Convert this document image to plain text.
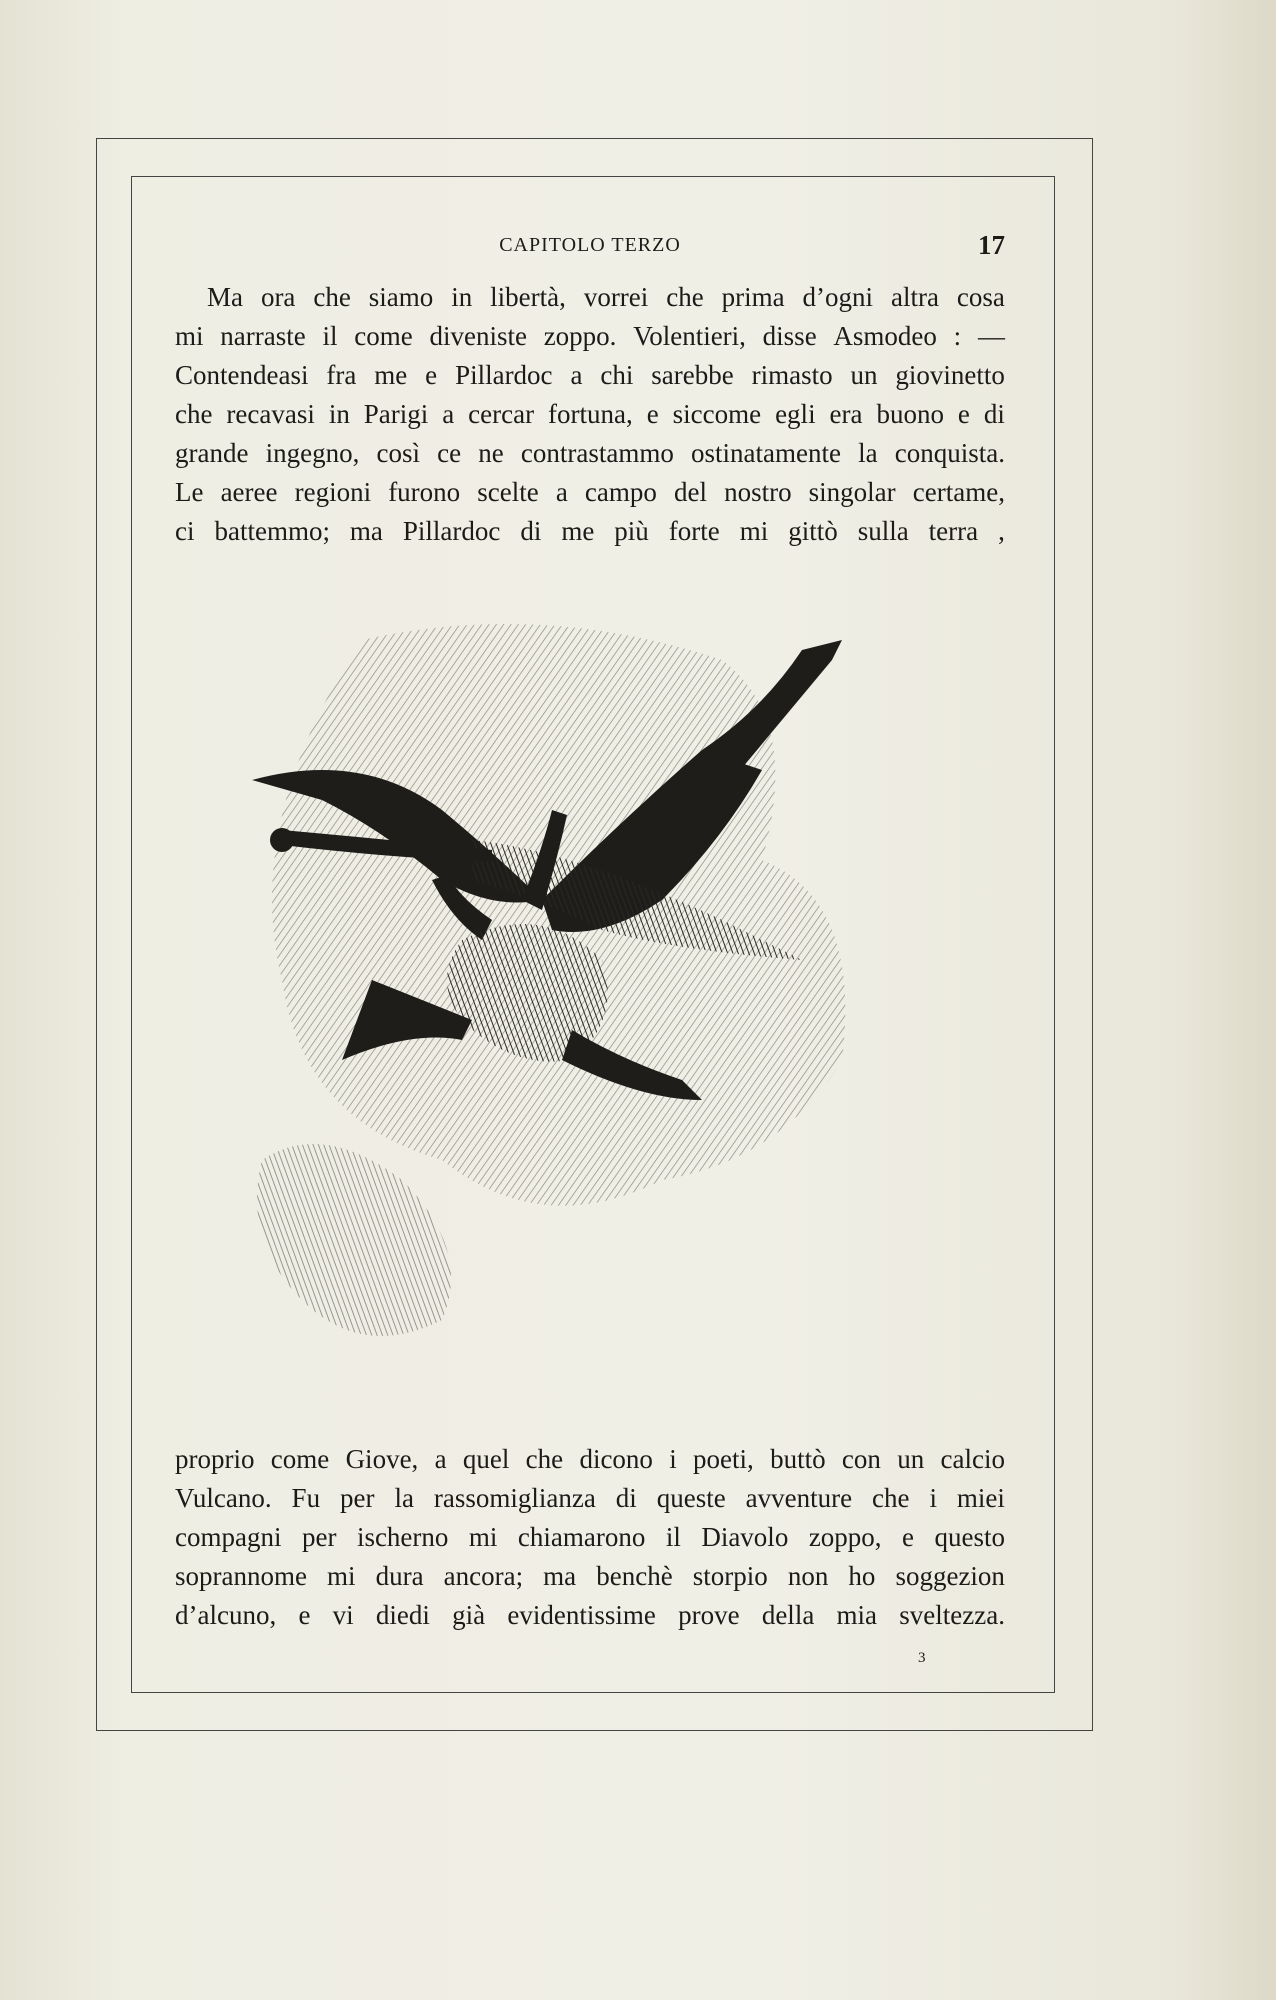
CAPITOLO TERZO	17
Ma ora che siamo in libertà, vorrei che prima d’ogni altra cosa
mi narraste il come diveniste zoppo. Volentieri, disse Asmodeo : —
Contendeasi fra me e Pillardoc a chi sarebbe rimasto un giovinetto
che recavasi in Parigi a cercar fortuna, e siccome egli era buono e di
grande ingegno, così ce ne contrastammo ostinatamente la conquista.
Le aeree regioni furono scelte a campo del nostro singolar certame,
ci battemmo; ma Pillardoc di me più forte mi gittò sulla terra ,
proprio come Giove, a quel che dicono i poeti, buttò con un calcio
Vulcano. Fu per la rassomiglianza di queste avventure che i miei
compagni per ischerno mi chiamarono il Diavolo zoppo, e questo
soprannome mi dura ancora; ma benchè storpio non ho soggezion
d’alcuno, e vi diedi già evidentissime prove della mia sveltezza.
3
